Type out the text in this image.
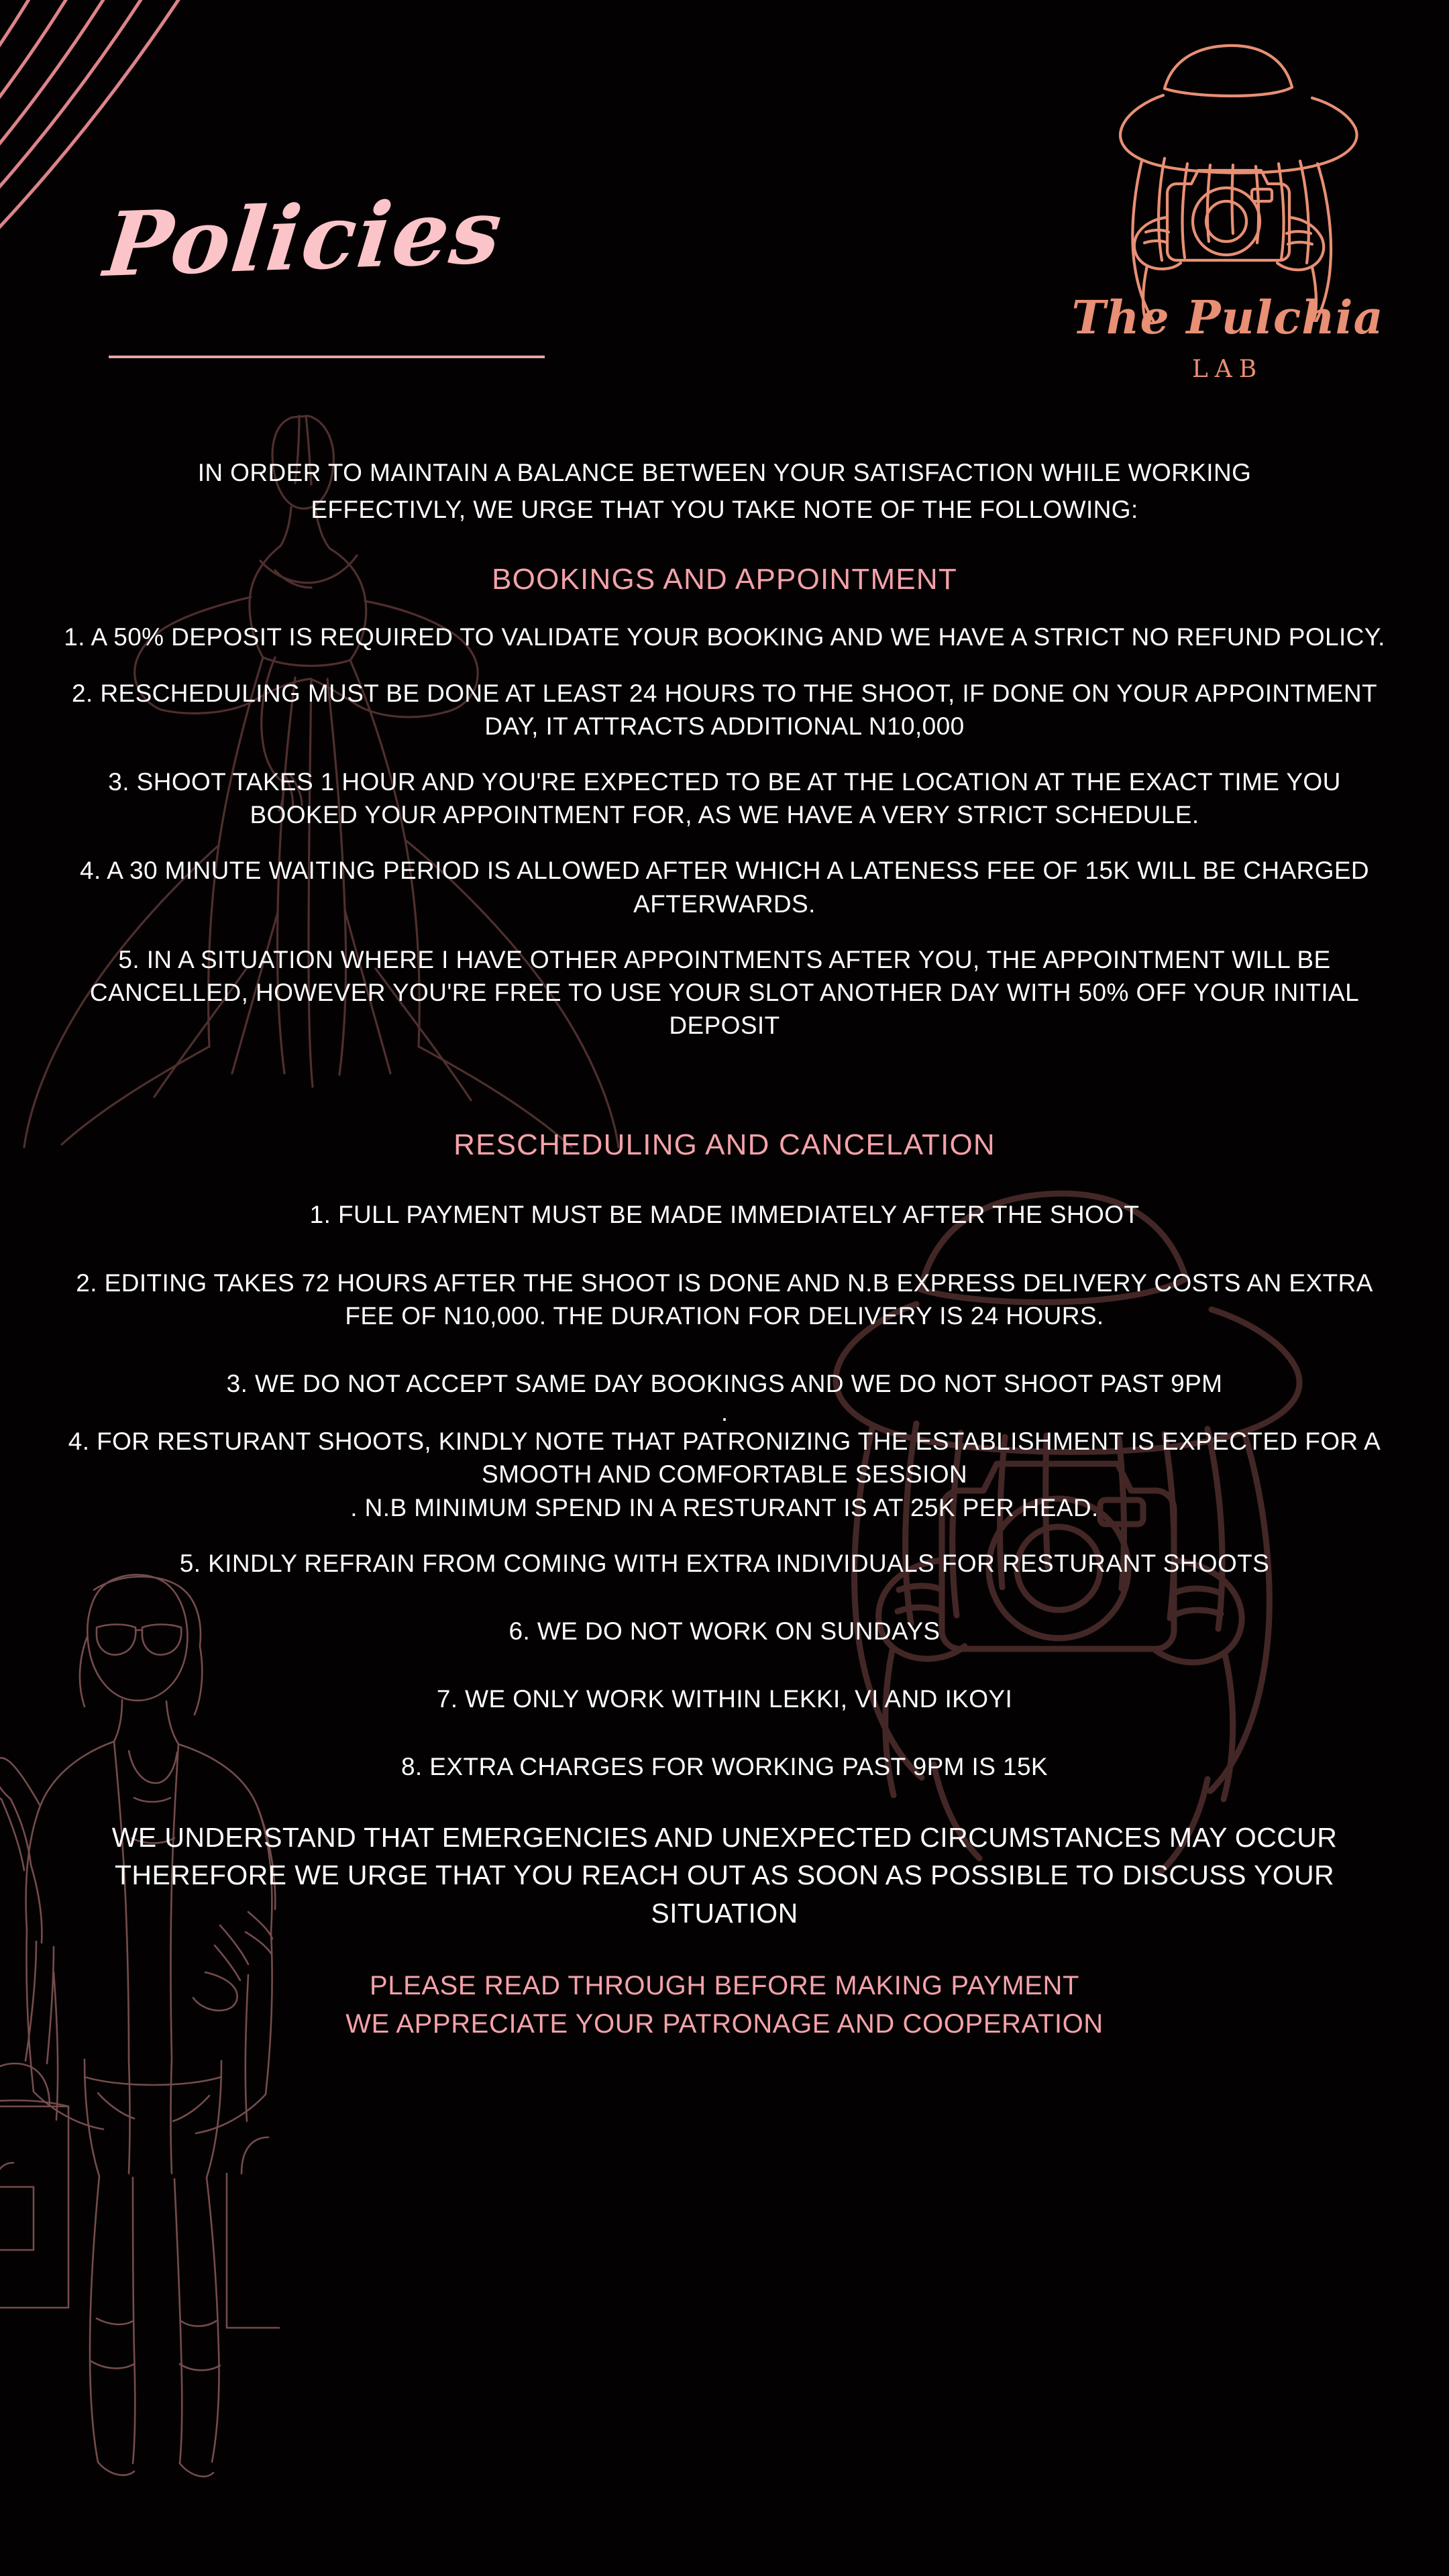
Policies
The Pulchia
LAB
IN ORDER TO MAINTAIN A BALANCE BETWEEN YOUR SATISFACTION WHILE WORKING
EFFECTIVLY, WE URGE THAT YOU TAKE NOTE OF THE FOLLOWING:
BOOKINGS AND APPOINTMENT
1. A 50% DEPOSIT IS REQUIRED TO VALIDATE YOUR BOOKING AND WE HAVE A STRICT NO REFUND POLICY.
2. RESCHEDULING MUST BE DONE AT LEAST 24 HOURS TO THE SHOOT, IF DONE ON YOUR APPOINTMENT DAY, IT ATTRACTS ADDITIONAL N10,000
3. SHOOT TAKES 1 HOUR AND YOU'RE EXPECTED TO BE AT THE LOCATION AT THE EXACT TIME YOU BOOKED YOUR APPOINTMENT FOR, AS WE HAVE A VERY STRICT SCHEDULE.
4. A 30 MINUTE WAITING PERIOD IS ALLOWED AFTER WHICH A LATENESS FEE OF 15K WILL BE CHARGED AFTERWARDS.
5. IN A SITUATION WHERE I HAVE OTHER APPOINTMENTS AFTER YOU, THE APPOINTMENT WILL BE CANCELLED, HOWEVER YOU'RE FREE TO USE YOUR SLOT ANOTHER DAY WITH 50% OFF YOUR INITIAL DEPOSIT
RESCHEDULING AND CANCELATION
1. FULL PAYMENT MUST BE MADE IMMEDIATELY AFTER THE SHOOT
2. EDITING TAKES 72 HOURS AFTER THE SHOOT IS DONE AND N.B EXPRESS DELIVERY COSTS AN EXTRA FEE OF N10,000. THE DURATION FOR DELIVERY IS 24 HOURS.
3. WE DO NOT ACCEPT SAME DAY BOOKINGS AND WE DO NOT SHOOT PAST 9PM
.
4. FOR RESTURANT SHOOTS, KINDLY NOTE THAT PATRONIZING THE ESTABLISHMENT IS EXPECTED FOR A SMOOTH AND COMFORTABLE SESSION
. N.B MINIMUM SPEND IN A RESTURANT IS AT 25K PER HEAD.
5. KINDLY REFRAIN FROM COMING WITH EXTRA INDIVIDUALS FOR RESTURANT SHOOTS
6. WE DO NOT WORK ON SUNDAYS
7. WE ONLY WORK WITHIN LEKKI, VI AND IKOYI
8. EXTRA CHARGES FOR WORKING PAST 9PM IS 15K
WE UNDERSTAND THAT EMERGENCIES AND UNEXPECTED CIRCUMSTANCES MAY OCCUR THEREFORE WE URGE THAT YOU REACH OUT AS SOON AS POSSIBLE TO DISCUSS YOUR SITUATION
PLEASE READ THROUGH BEFORE MAKING PAYMENT
WE APPRECIATE YOUR PATRONAGE AND COOPERATION
